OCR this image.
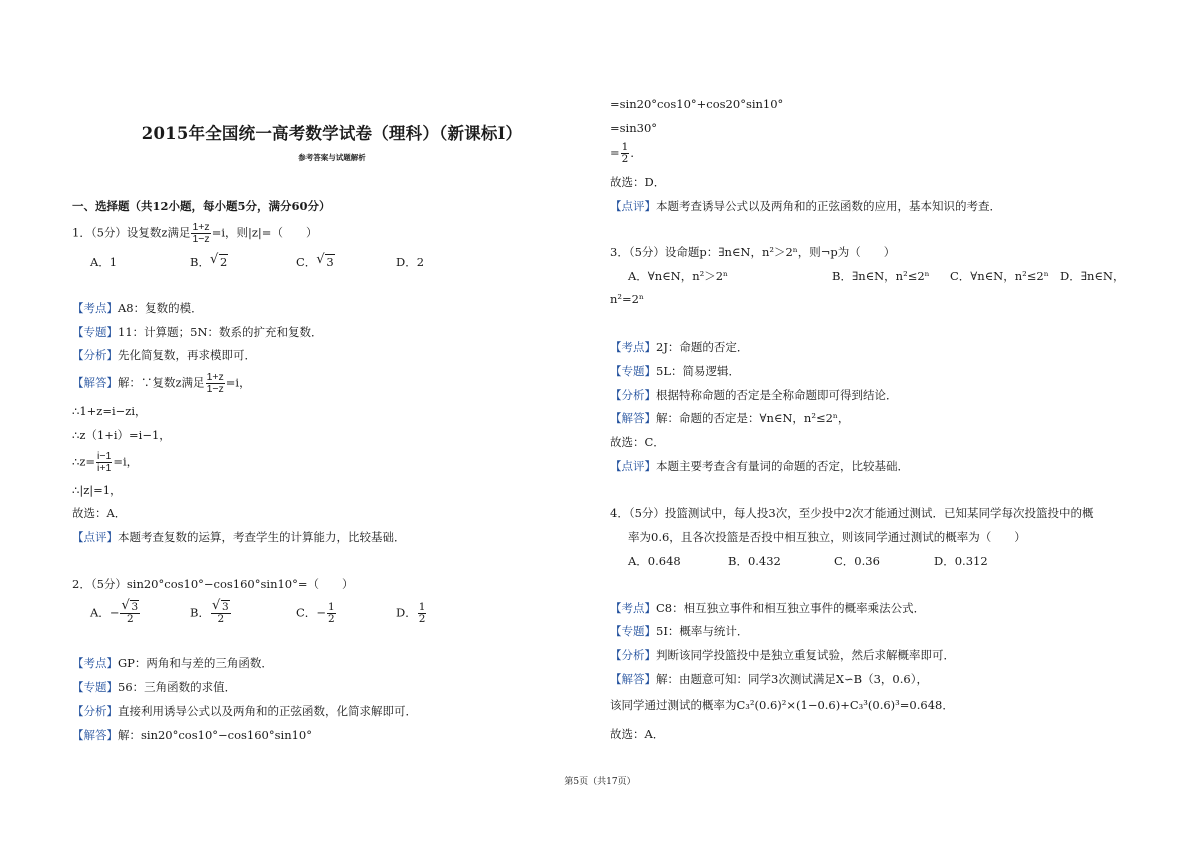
2015年全国统一高考数学试卷（理科）（新课标Ⅰ）
参考答案与试题解析
一、选择题（共12小题，每小题5分，满分60分）
1．（5分）设复数z满足 $\frac{1+z}{1-z} =i$，则|z|=（　　）
A．1	B． √ 2	C． √ 3	D．2
【考点】A8：复数的模．
【专题】11：计算题；5N：数系的扩充和复数．
【分析】先化简复数，再求模即可．
【解答】解：∵复数z满足 $\frac{1+z}{1-z} =i$，
∴1+z=i−zi，
∴z（1+i）=i−1，
∴z= $\frac{i-1}{i+1} =i$，
∴|z|=1，
故选：A．
【点评】本题考查复数的运算，考查学生的计算能力，比较基础．
2．（5分）sin20°cos10°−cos160°sin10°=（　　）
A．− √ $\frac{3}{2}$	B． √ $\frac{3}{2}$	C．− $\frac{1}{2}$	D． $\frac{1}{2}$
【考点】GP：两角和与差的三角函数．
【专题】56：三角函数的求值．
【分析】直接利用诱导公式以及两角和的正弦函数，化简求解即可．
【解答】解：sin20°cos10°−cos160°sin10°
=sin20°cos10°+cos20°sin10°
=sin30°
= $\frac{1}{2}$ ．
故选：D．
【点评】本题考查诱导公式以及两角和的正弦函数的应用，基本知识的考查．
3．（5分）设命题p：∃n∈N，n²＞2ⁿ，则¬p为（　　）
A．∀n∈N，n²＞2ⁿ	B．∃n∈N，n²≤2ⁿ C．∀n∈N，n²≤2ⁿ D．∃n∈N，
n²=2ⁿ
【考点】2J：命题的否定．
【专题】5L：简易逻辑．
【分析】根据特称命题的否定是全称命题即可得到结论．
【解答】解：命题的否定是：∀n∈N，n²≤2ⁿ，
故选：C．
【点评】本题主要考查含有量词的命题的否定，比较基础．
4．（5分）投篮测试中，每人投3次，至少投中2次才能通过测试．已知某同学每次投篮投中的概
率为0.6，且各次投篮是否投中相互独立，则该同学通过测试的概率为（　　）
A．0.648	B．0.432	C．0.36	D．0.312
【考点】C8：相互独立事件和相互独立事件的概率乘法公式．
【专题】5I：概率与统计．
【分析】判断该同学投篮投中是独立重复试验，然后求解概率即可．
【解答】解：由题意可知：同学3次测试满足X∽B（3，0.6），
该同学通过测试的概率为C₃²(0.6)²×(1−0.6)+C₃³(0.6)³=0.648．
故选：A．
第5页（共17页）
